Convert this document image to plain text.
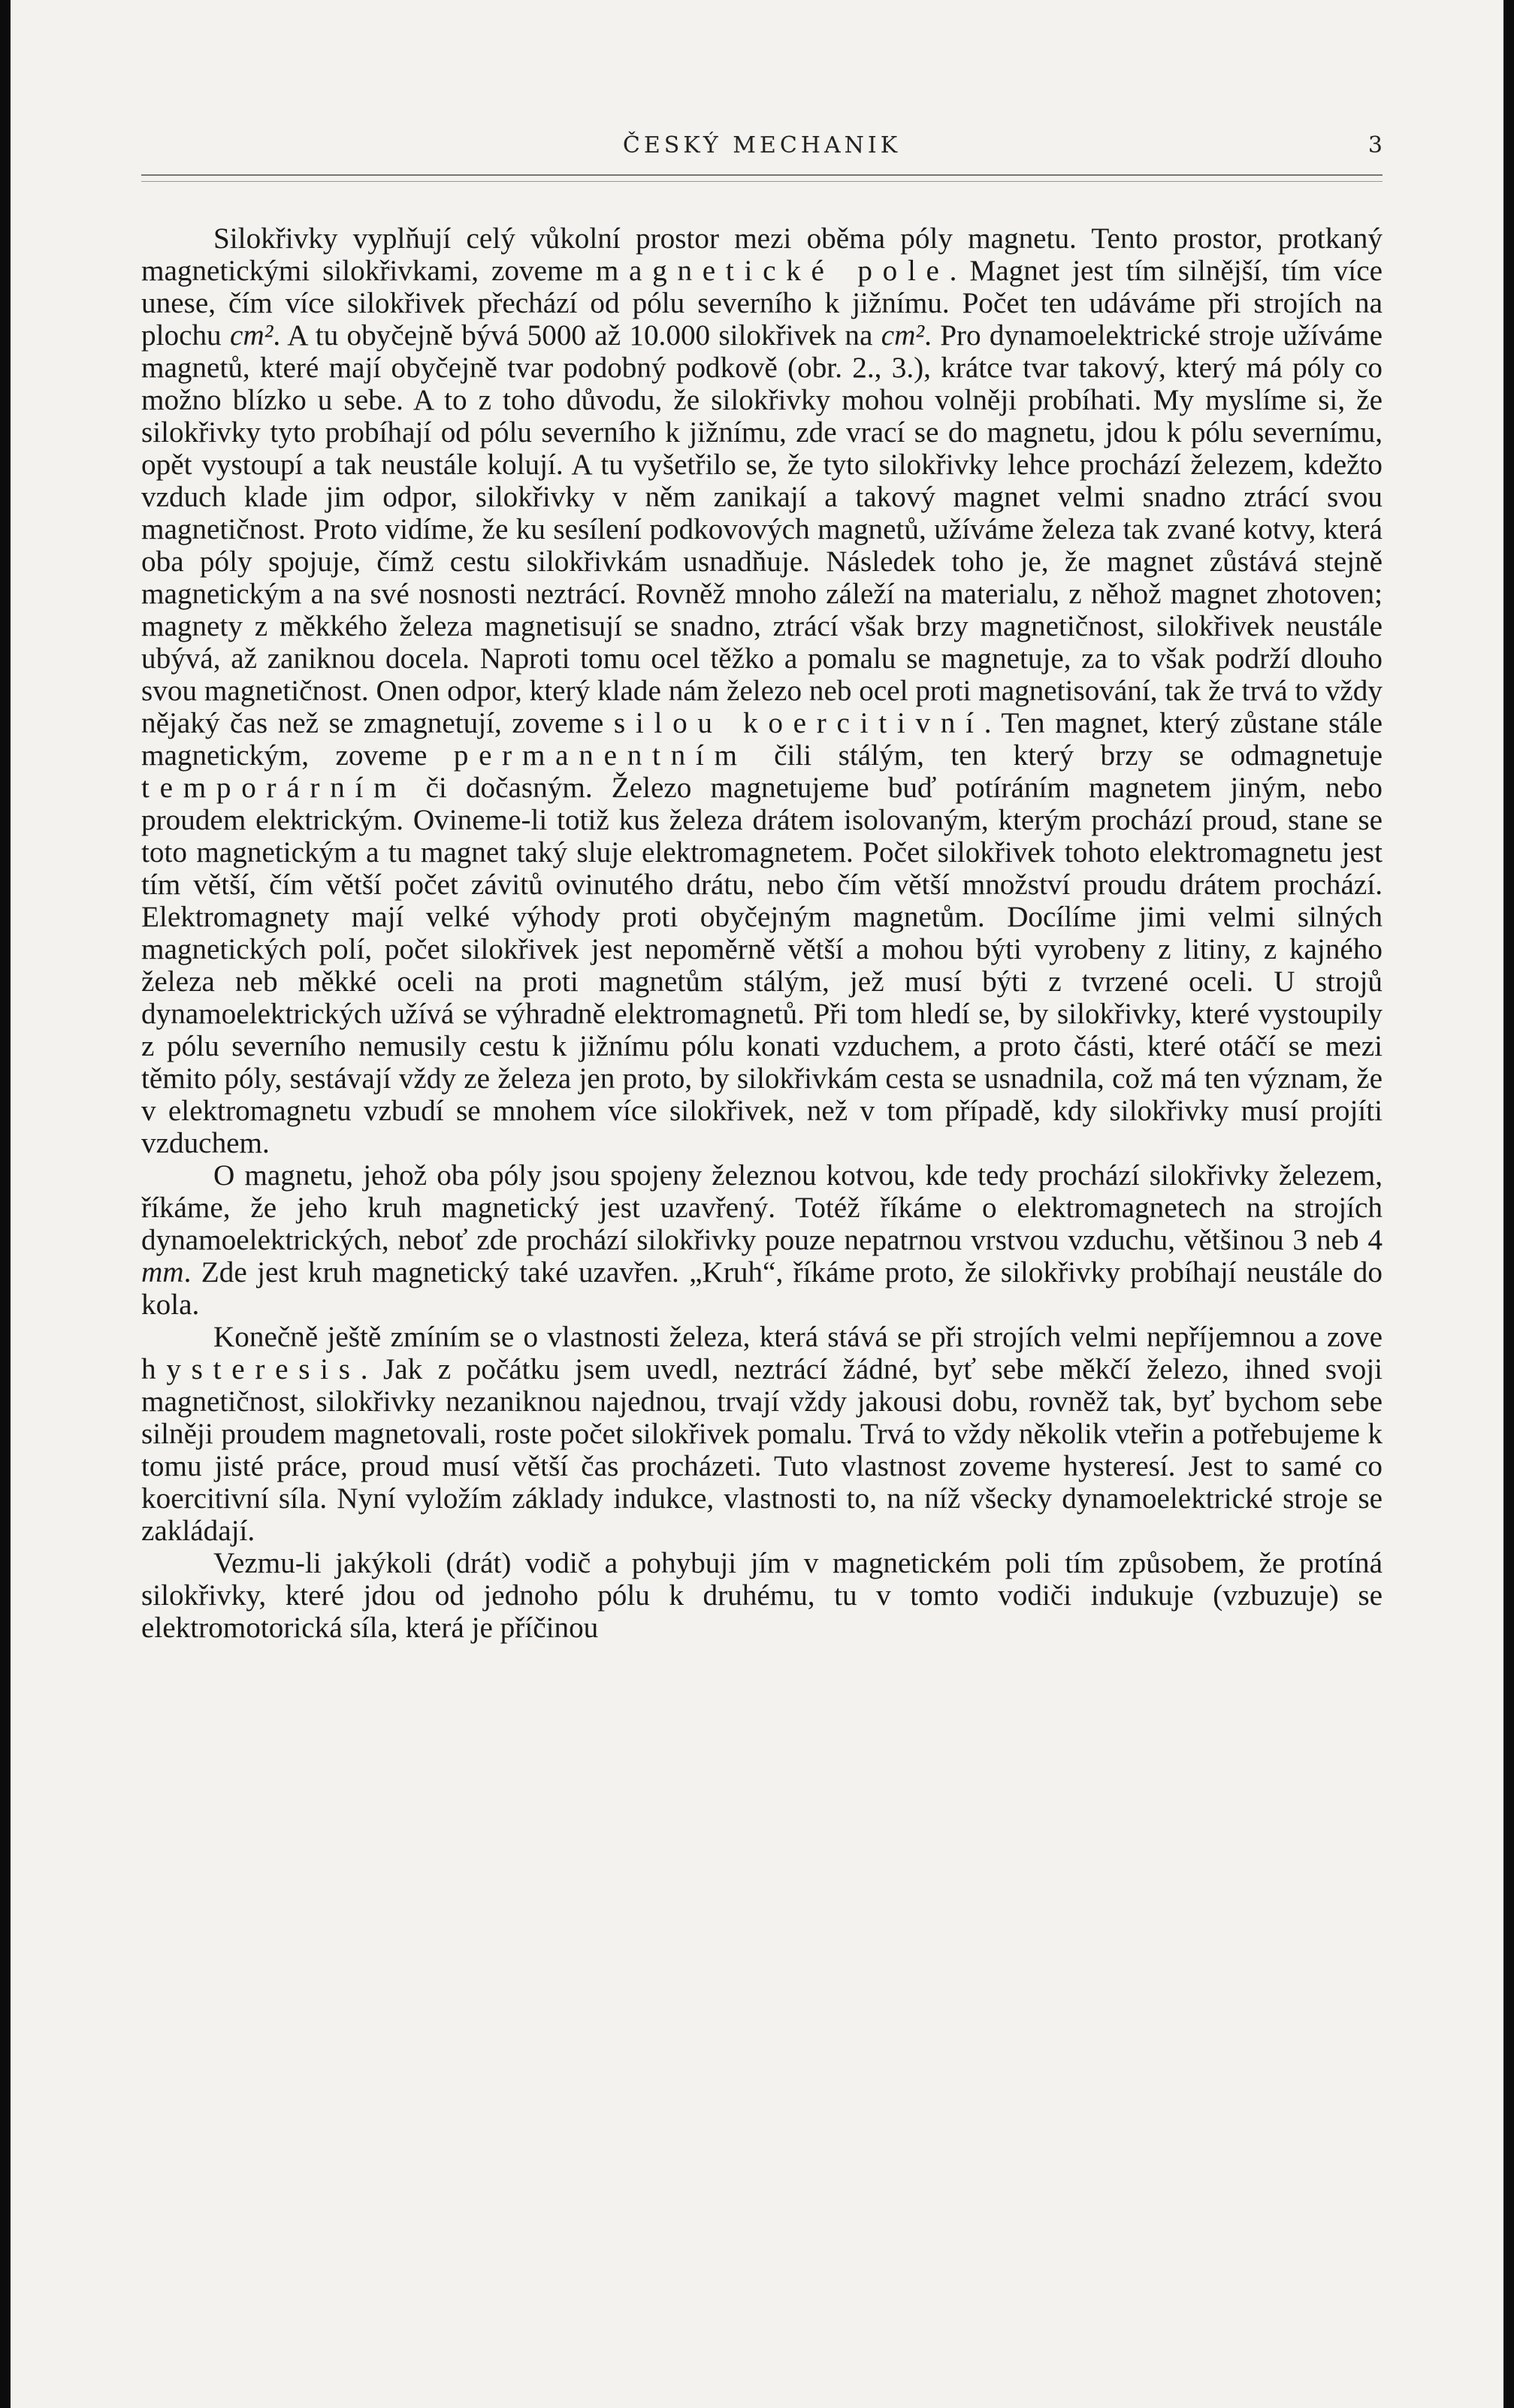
ČESKÝ MECHANIK	3

Silokřivky vyplňují celý vůkolní prostor mezi oběma póly magnetu. Tento prostor, protkaný magnetickými silokřivkami, zoveme magnetické pole. Magnet jest tím silnější, tím více unese, čím více silokřivek přechází od pólu severního k jižnímu. Počet ten udáváme při strojích na plochu cm². A tu obyčejně bývá 5000 až 10.000 silokřivek na cm². Pro dynamoelektrické stroje užíváme magnetů, které mají obyčejně tvar podobný podkově (obr. 2., 3.), krátce tvar takový, který má póly co možno blízko u sebe. A to z toho důvodu, že silokřivky mohou volněji probíhati. My myslíme si, že silokřivky tyto probíhají od pólu severního k jižnímu, zde vrací se do magnetu, jdou k pólu severnímu, opět vystoupí a tak neustále kolují. A tu vyšetřilo se, že tyto silokřivky lehce prochází železem, kdežto vzduch klade jim odpor, silokřivky v něm zanikají a takový magnet velmi snadno ztrácí svou magnetičnost. Proto vidíme, že ku sesílení podkovových magnetů, užíváme železa tak zvané kotvy, která oba póly spojuje, čímž cestu silokřivkám usnadňuje. Následek toho je, že magnet zůstává stejně magnetickým a na své nosnosti neztrácí. Rovněž mnoho záleží na materialu, z něhož magnet zhotoven; magnety z měkkého železa magnetisují se snadno, ztrácí však brzy magnetičnost, silokřivek neustále ubývá, až zaniknou docela. Naproti tomu ocel těžko a pomalu se magnetuje, za to však podrží dlouho svou magnetičnost. Onen odpor, který klade nám železo neb ocel proti magnetisování, tak že trvá to vždy nějaký čas než se zmagnetují, zoveme silou koercitivní. Ten magnet, který zůstane stále magnetickým, zoveme permanentním čili stálým, ten který brzy se odmagnetuje temporárním či dočasným. Železo magnetujeme buď potíráním magnetem jiným, nebo proudem elektrickým. Ovineme-li totiž kus železa drátem isolovaným, kterým prochází proud, stane se toto magnetickým a tu magnet taký sluje elektromagnetem. Počet silokřivek tohoto elektromagnetu jest tím větší, čím větší počet závitů ovinutého drátu, nebo čím větší množství proudu drátem prochází. Elektromagnety mají velké výhody proti obyčejným magnetům. Docílíme jimi velmi silných magnetických polí, počet silokřivek jest nepoměrně větší a mohou býti vyrobeny z litiny, z kajného železa neb měkké oceli na proti magnetům stálým, jež musí býti z tvrzené oceli. U strojů dynamoelektrických užívá se výhradně elektromagnetů. Při tom hledí se, by silokřivky, které vystoupily z pólu severního nemusily cestu k jižnímu pólu konati vzduchem, a proto části, které otáčí se mezi těmito póly, sestávají vždy ze železa jen proto, by silokřivkám cesta se usnadnila, což má ten význam, že v elektromagnetu vzbudí se mnohem více silokřivek, než v tom případě, kdy silokřivky musí projíti vzduchem.

O magnetu, jehož oba póly jsou spojeny železnou kotvou, kde tedy prochází silokřivky železem, říkáme, že jeho kruh magnetický jest uzavřený. Totéž říkáme o elektromagnetech na strojích dynamoelektrických, neboť zde prochází silokřivky pouze nepatrnou vrstvou vzduchu, většinou 3 neb 4 mm. Zde jest kruh magnetický také uzavřen. „Kruh“, říkáme proto, že silokřivky probíhají neustále do kola.

Konečně ještě zmíním se o vlastnosti železa, která stává se při strojích velmi nepříjemnou a zove hysteresis. Jak z počátku jsem uvedl, neztrácí žádné, byť sebe měkčí železo, ihned svoji magnetičnost, silokřivky nezaniknou najednou, trvají vždy jakousi dobu, rovněž tak, byť bychom sebe silněji proudem magnetovali, roste počet silokřivek pomalu. Trvá to vždy několik vteřin a potřebujeme k tomu jisté práce, proud musí větší čas procházeti. Tuto vlastnost zoveme hysteresí. Jest to samé co koercitivní síla. Nyní vyložím základy indukce, vlastnosti to, na níž všecky dynamoelektrické stroje se zakládají.

Vezmu-li jakýkoli (drát) vodič a pohybuji jím v magnetickém poli tím způsobem, že protíná silokřivky, které jdou od jednoho pólu k druhému, tu v tomto vodiči indukuje (vzbuzuje) se elektromotorická síla, která je příčinou
